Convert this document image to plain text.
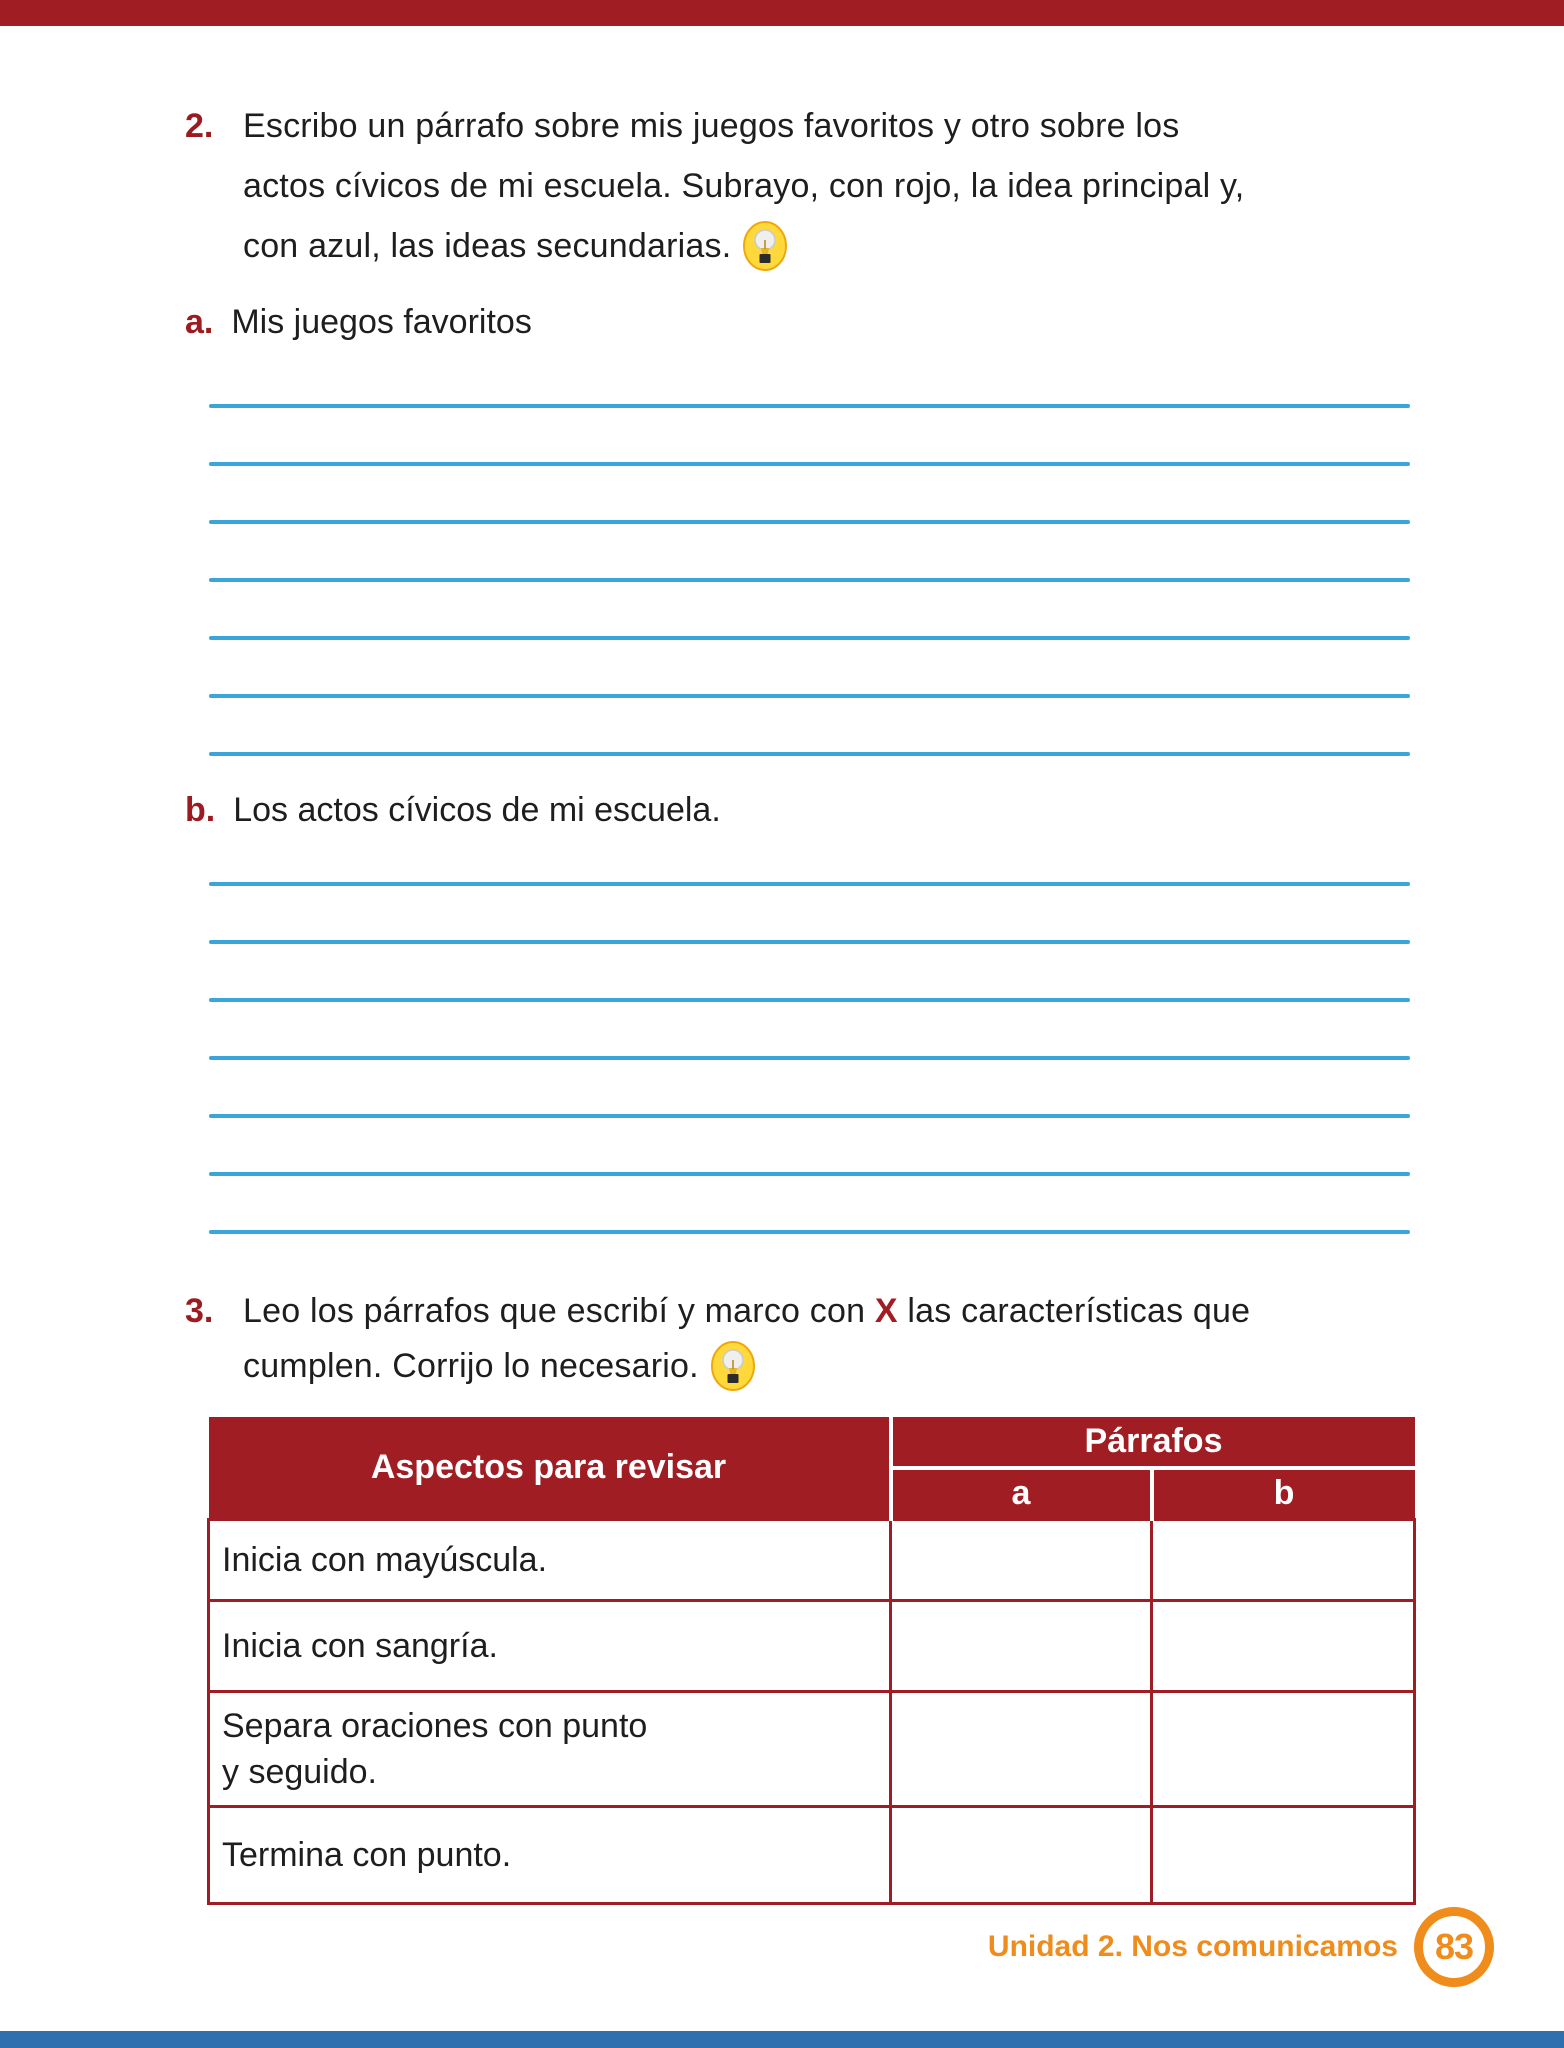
2. Escribo un párrafo sobre mis juegos favoritos y otro sobre los
actos cívicos de mi escuela. Subrayo, con rojo, la idea principal y,
con azul, las ideas secundarias.
a. Mis juegos favoritos
b. Los actos cívicos de mi escuela.
3. Leo los párrafos que escribí y marco con X las características que
cumplen. Corrijo lo necesario.
Aspectos para revisar	Párrafos	
	a	b
Inicia con mayúscula.		
Inicia con sangría.		
Separa oraciones con punto
y seguido.		
Termina con punto.		
Unidad 2. Nos comunicamos 83
